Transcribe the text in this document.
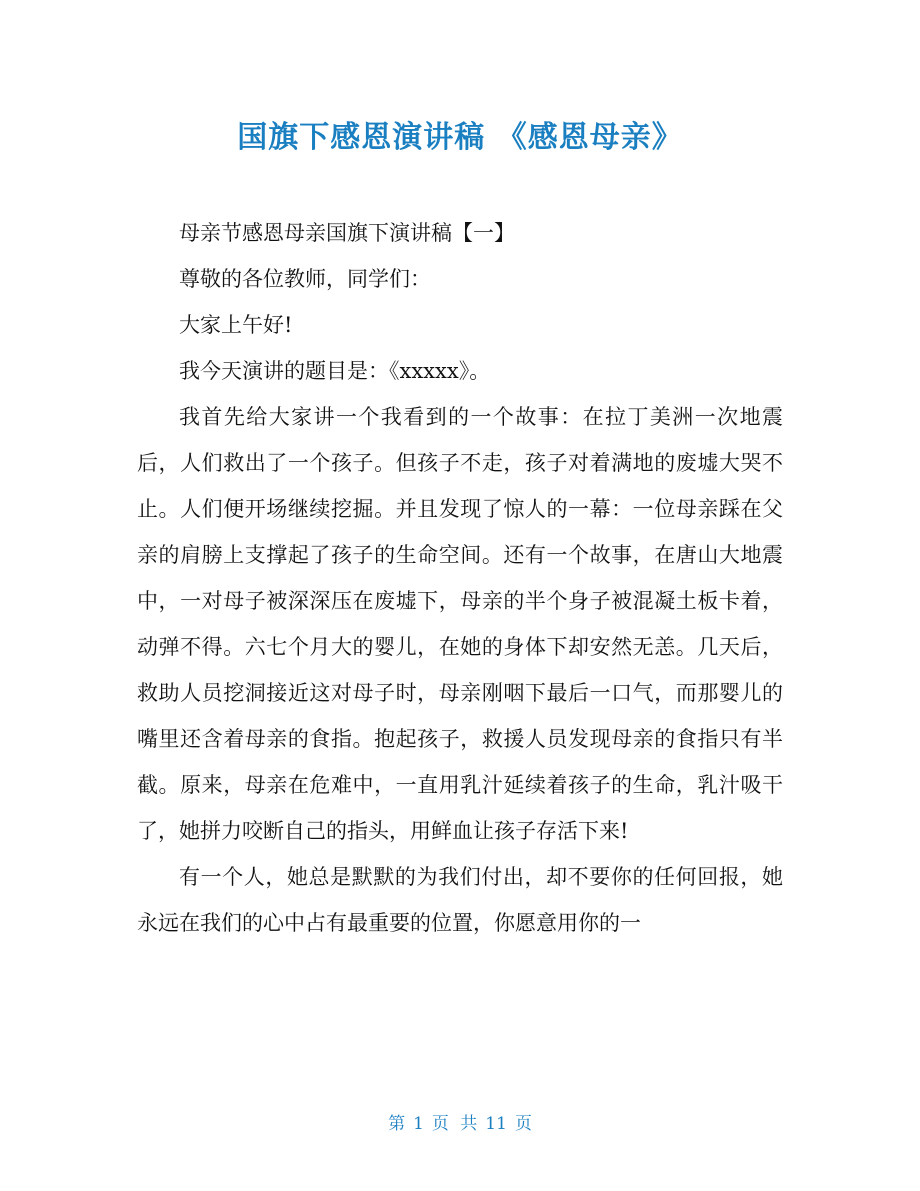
国旗下感恩演讲稿 《感恩母亲》

母亲节感恩母亲国旗下演讲稿【一】

尊敬的各位教师，同学们：

大家上午好!

我今天演讲的题目是：《xxxxx》。

我首先给大家讲一个我看到的一个故事：在拉丁美洲一次地震后，人们救出了一个孩子。但孩子不走，孩子对着满地的废墟大哭不止。人们便开场继续挖掘。并且发现了惊人的一幕：一位母亲踩在父亲的肩膀上支撑起了孩子的生命空间。还有一个故事，在唐山大地震中，一对母子被深深压在废墟下，母亲的半个身子被混凝土板卡着，动弹不得。六七个月大的婴儿，在她的身体下却安然无恙。几天后，救助人员挖洞接近这对母子时，母亲刚咽下最后一口气，而那婴儿的嘴里还含着母亲的食指。抱起孩子，救援人员发现母亲的食指只有半截。原来，母亲在危难中，一直用乳汁延续着孩子的生命，乳汁吸干了，她拼力咬断自己的指头，用鲜血让孩子存活下来!

有一个人，她总是默默的为我们付出，却不要你的任何回报，她永远在我们的心中占有最重要的位置，你愿意用你的一

第 1 页 共 11 页
